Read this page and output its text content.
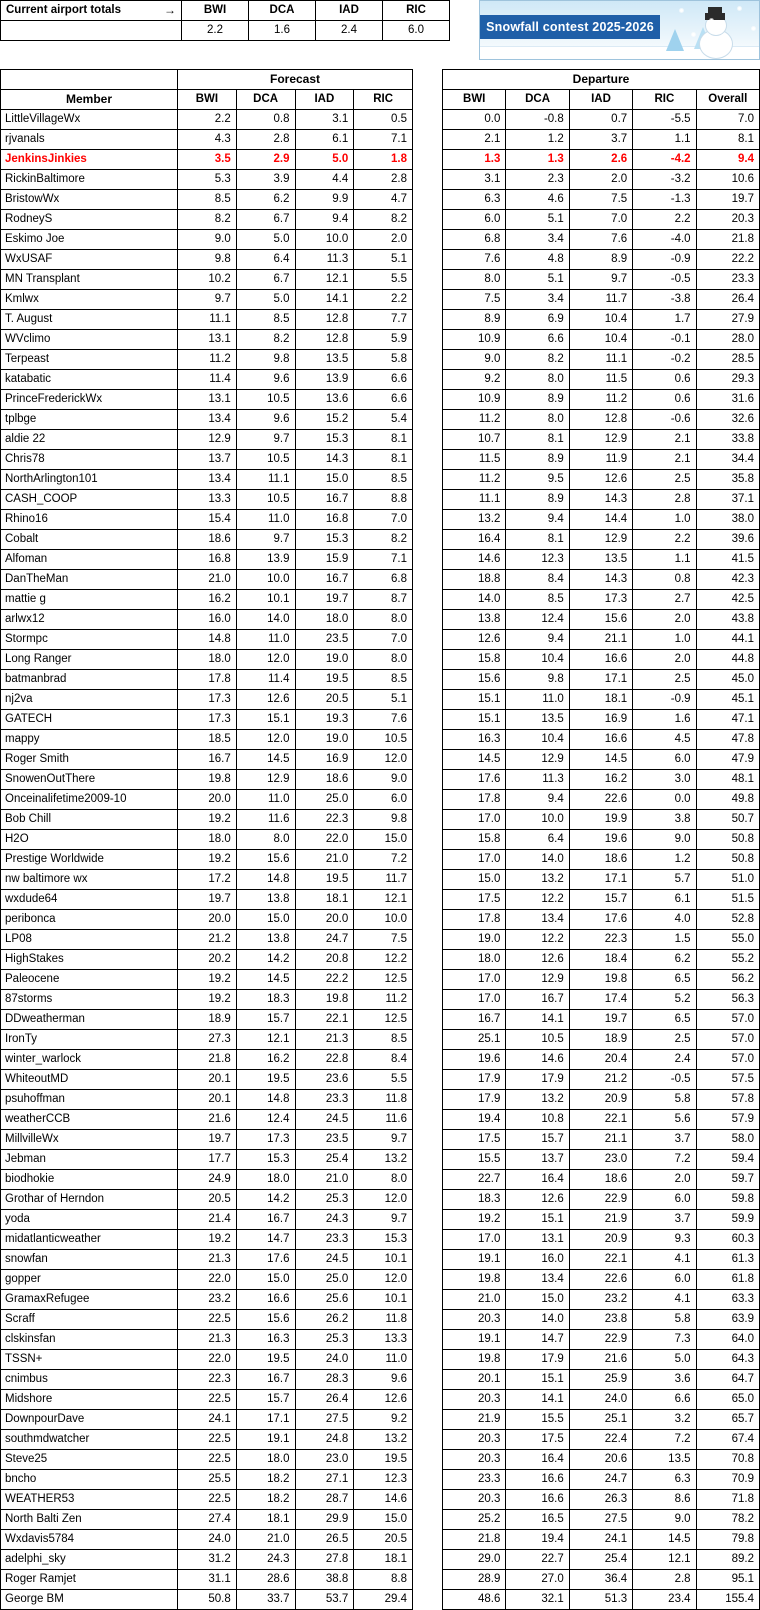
Current airport totals →	BWI	DCA	IAD	RIC
	2.2	1.6	2.4	6.0	Snowfall contest 2025-2026
	Forecast			
Member	BWI	DCA	IAD	RIC
LittleVillageWx	2.2	0.8	3.1	0.5
rjvanals	4.3	2.8	6.1	7.1
JenkinsJinkies	3.5	2.9	5.0	1.8
RickinBaltimore	5.3	3.9	4.4	2.8
BristowWx	8.5	6.2	9.9	4.7
RodneyS	8.2	6.7	9.4	8.2
Eskimo Joe	9.0	5.0	10.0	2.0
WxUSAF	9.8	6.4	11.3	5.1
MN Transplant	10.2	6.7	12.1	5.5
Kmlwx	9.7	5.0	14.1	2.2
T. August	11.1	8.5	12.8	7.7
WVclimo	13.1	8.2	12.8	5.9
Terpeast	11.2	9.8	13.5	5.8
katabatic	11.4	9.6	13.9	6.6
PrinceFrederickWx	13.1	10.5	13.6	6.6
tplbge	13.4	9.6	15.2	5.4
aldie 22	12.9	9.7	15.3	8.1
Chris78	13.7	10.5	14.3	8.1
NorthArlington101	13.4	11.1	15.0	8.5
CASH_COOP	13.3	10.5	16.7	8.8
Rhino16	15.4	11.0	16.8	7.0
Cobalt	18.6	9.7	15.3	8.2
Alfoman	16.8	13.9	15.9	7.1
DanTheMan	21.0	10.0	16.7	6.8
mattie g	16.2	10.1	19.7	8.7
arlwx12	16.0	14.0	18.0	8.0
Stormpc	14.8	11.0	23.5	7.0
Long Ranger	18.0	12.0	19.0	8.0
batmanbrad	17.8	11.4	19.5	8.5
nj2va	17.3	12.6	20.5	5.1
GATECH	17.3	15.1	19.3	7.6
mappy	18.5	12.0	19.0	10.5
Roger Smith	16.7	14.5	16.9	12.0
SnowenOutThere	19.8	12.9	18.6	9.0
Onceinalifetime2009-10	20.0	11.0	25.0	6.0
Bob Chill	19.2	11.6	22.3	9.8
H2O	18.0	8.0	22.0	15.0
Prestige Worldwide	19.2	15.6	21.0	7.2
nw baltimore wx	17.2	14.8	19.5	11.7
wxdude64	19.7	13.8	18.1	12.1
peribonca	20.0	15.0	20.0	10.0
LP08	21.2	13.8	24.7	7.5
HighStakes	20.2	14.2	20.8	12.2
Paleocene	19.2	14.5	22.2	12.5
87storms	19.2	18.3	19.8	11.2
DDweatherman	18.9	15.7	22.1	12.5
IronTy	27.3	12.1	21.3	8.5
winter_warlock	21.8	16.2	22.8	8.4
WhiteoutMD	20.1	19.5	23.6	5.5
psuhoffman	20.1	14.8	23.3	11.8
weatherCCB	21.6	12.4	24.5	11.6
MillvilleWx	19.7	17.3	23.5	9.7
Jebman	17.7	15.3	25.4	13.2
biodhokie	24.9	18.0	21.0	8.0
Grothar of Herndon	20.5	14.2	25.3	12.0
yoda	21.4	16.7	24.3	9.7
midatlanticweather	19.2	14.7	23.3	15.3
snowfan	21.3	17.6	24.5	10.1
gopper	22.0	15.0	25.0	12.0
GramaxRefugee	23.2	16.6	25.6	10.1
Scraff	22.5	15.6	26.2	11.8
clskinsfan	21.3	16.3	25.3	13.3
TSSN+	22.0	19.5	24.0	11.0
cnimbus	22.3	16.7	28.3	9.6
Midshore	22.5	15.7	26.4	12.6
DownpourDave	24.1	17.1	27.5	9.2
southmdwatcher	22.5	19.1	24.8	13.2
Steve25	22.5	18.0	23.0	19.5
bncho	25.5	18.2	27.1	12.3
WEATHER53	22.5	18.2	28.7	14.6
North Balti Zen	27.4	18.1	29.9	15.0
Wxdavis5784	24.0	21.0	26.5	20.5
adelphi_sky	31.2	24.3	27.8	18.1
Roger Ramjet	31.1	28.6	38.8	8.8
George BM	50.8	33.7	53.7	29.4
Departure				
BWI	DCA	IAD	RIC	Overall
0.0	-0.8	0.7	-5.5	7.0
2.1	1.2	3.7	1.1	8.1
1.3	1.3	2.6	-4.2	9.4
3.1	2.3	2.0	-3.2	10.6
6.3	4.6	7.5	-1.3	19.7
6.0	5.1	7.0	2.2	20.3
6.8	3.4	7.6	-4.0	21.8
7.6	4.8	8.9	-0.9	22.2
8.0	5.1	9.7	-0.5	23.3
7.5	3.4	11.7	-3.8	26.4
8.9	6.9	10.4	1.7	27.9
10.9	6.6	10.4	-0.1	28.0
9.0	8.2	11.1	-0.2	28.5
9.2	8.0	11.5	0.6	29.3
10.9	8.9	11.2	0.6	31.6
11.2	8.0	12.8	-0.6	32.6
10.7	8.1	12.9	2.1	33.8
11.5	8.9	11.9	2.1	34.4
11.2	9.5	12.6	2.5	35.8
11.1	8.9	14.3	2.8	37.1
13.2	9.4	14.4	1.0	38.0
16.4	8.1	12.9	2.2	39.6
14.6	12.3	13.5	1.1	41.5
18.8	8.4	14.3	0.8	42.3
14.0	8.5	17.3	2.7	42.5
13.8	12.4	15.6	2.0	43.8
12.6	9.4	21.1	1.0	44.1
15.8	10.4	16.6	2.0	44.8
15.6	9.8	17.1	2.5	45.0
15.1	11.0	18.1	-0.9	45.1
15.1	13.5	16.9	1.6	47.1
16.3	10.4	16.6	4.5	47.8
14.5	12.9	14.5	6.0	47.9
17.6	11.3	16.2	3.0	48.1
17.8	9.4	22.6	0.0	49.8
17.0	10.0	19.9	3.8	50.7
15.8	6.4	19.6	9.0	50.8
17.0	14.0	18.6	1.2	50.8
15.0	13.2	17.1	5.7	51.0
17.5	12.2	15.7	6.1	51.5
17.8	13.4	17.6	4.0	52.8
19.0	12.2	22.3	1.5	55.0
18.0	12.6	18.4	6.2	55.2
17.0	12.9	19.8	6.5	56.2
17.0	16.7	17.4	5.2	56.3
16.7	14.1	19.7	6.5	57.0
25.1	10.5	18.9	2.5	57.0
19.6	14.6	20.4	2.4	57.0
17.9	17.9	21.2	-0.5	57.5
17.9	13.2	20.9	5.8	57.8
19.4	10.8	22.1	5.6	57.9
17.5	15.7	21.1	3.7	58.0
15.5	13.7	23.0	7.2	59.4
22.7	16.4	18.6	2.0	59.7
18.3	12.6	22.9	6.0	59.8
19.2	15.1	21.9	3.7	59.9
17.0	13.1	20.9	9.3	60.3
19.1	16.0	22.1	4.1	61.3
19.8	13.4	22.6	6.0	61.8
21.0	15.0	23.2	4.1	63.3
20.3	14.0	23.8	5.8	63.9
19.1	14.7	22.9	7.3	64.0
19.8	17.9	21.6	5.0	64.3
20.1	15.1	25.9	3.6	64.7
20.3	14.1	24.0	6.6	65.0
21.9	15.5	25.1	3.2	65.7
20.3	17.5	22.4	7.2	67.4
20.3	16.4	20.6	13.5	70.8
23.3	16.6	24.7	6.3	70.9
20.3	16.6	26.3	8.6	71.8
25.2	16.5	27.5	9.0	78.2
21.8	19.4	24.1	14.5	79.8
29.0	22.7	25.4	12.1	89.2
28.9	27.0	36.4	2.8	95.1
48.6	32.1	51.3	23.4	155.4
